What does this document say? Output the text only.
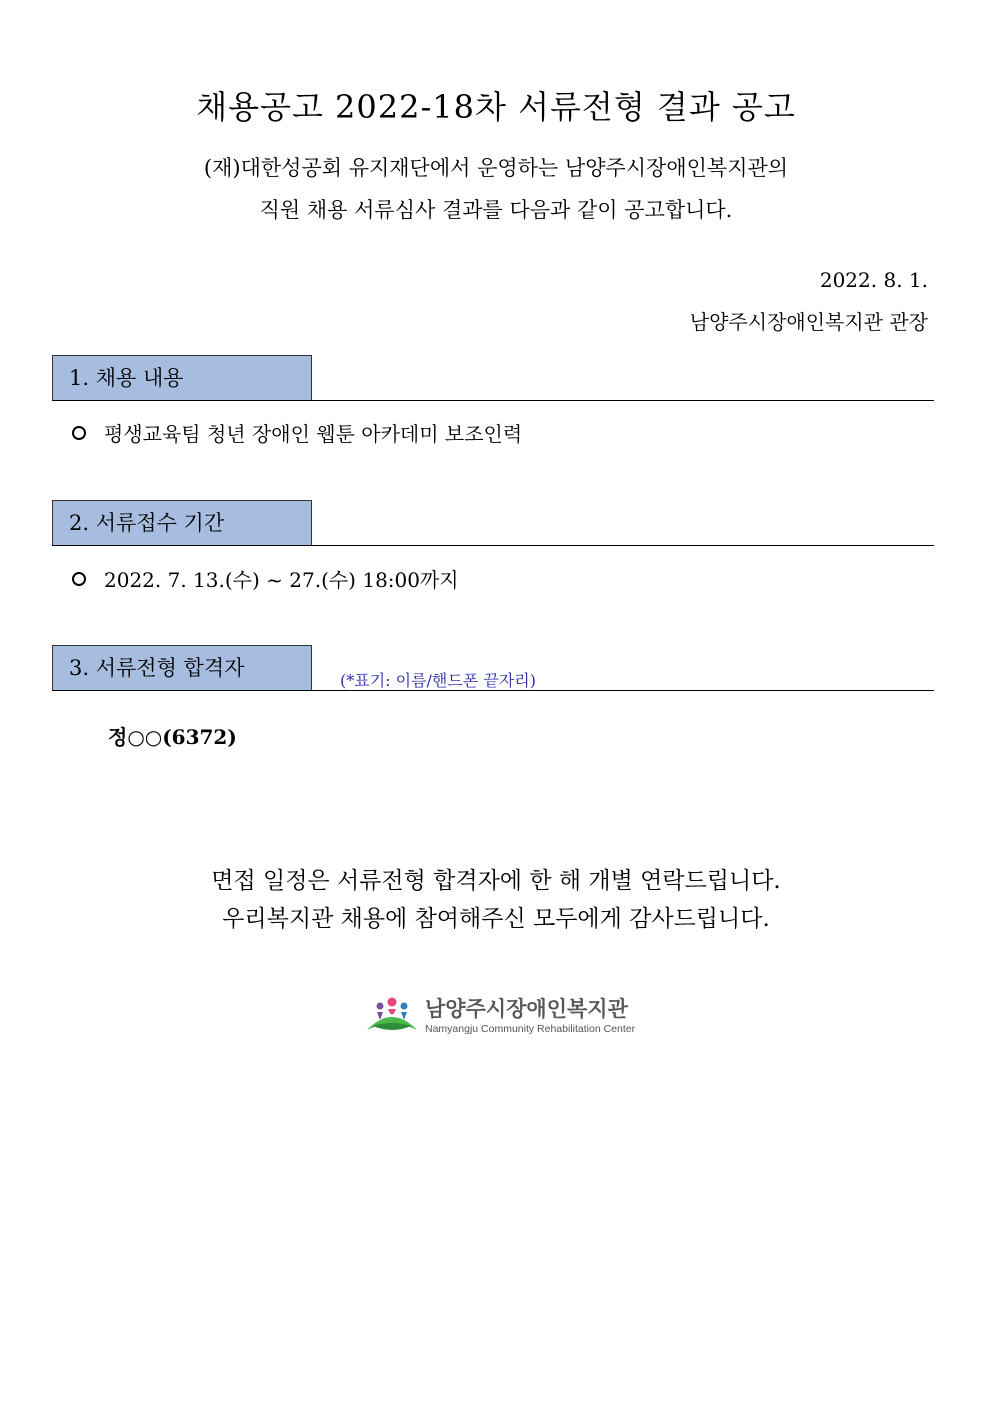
채용공고 2022-18차 서류전형 결과 공고
(재)대한성공회 유지재단에서 운영하는 남양주시장애인복지관의
직원 채용 서류심사 결과를 다음과 같이 공고합니다.
2022. 8. 1.
남양주시장애인복지관 관장
1. 채용 내용
평생교육팀 청년 장애인 웹툰 아카데미 보조인력
2. 서류접수 기간
2022. 7. 13.(수) ~ 27.(수) 18:00까지
3. 서류전형 합격자
(*표기: 이름/핸드폰 끝자리)
정○○(6372)
면접 일정은 서류전형 합격자에 한 해 개별 연락드립니다.
우리복지관 채용에 참여해주신 모두에게 감사드립니다.
남양주시장애인복지관
Namyangju Community Rehabilitation Center
